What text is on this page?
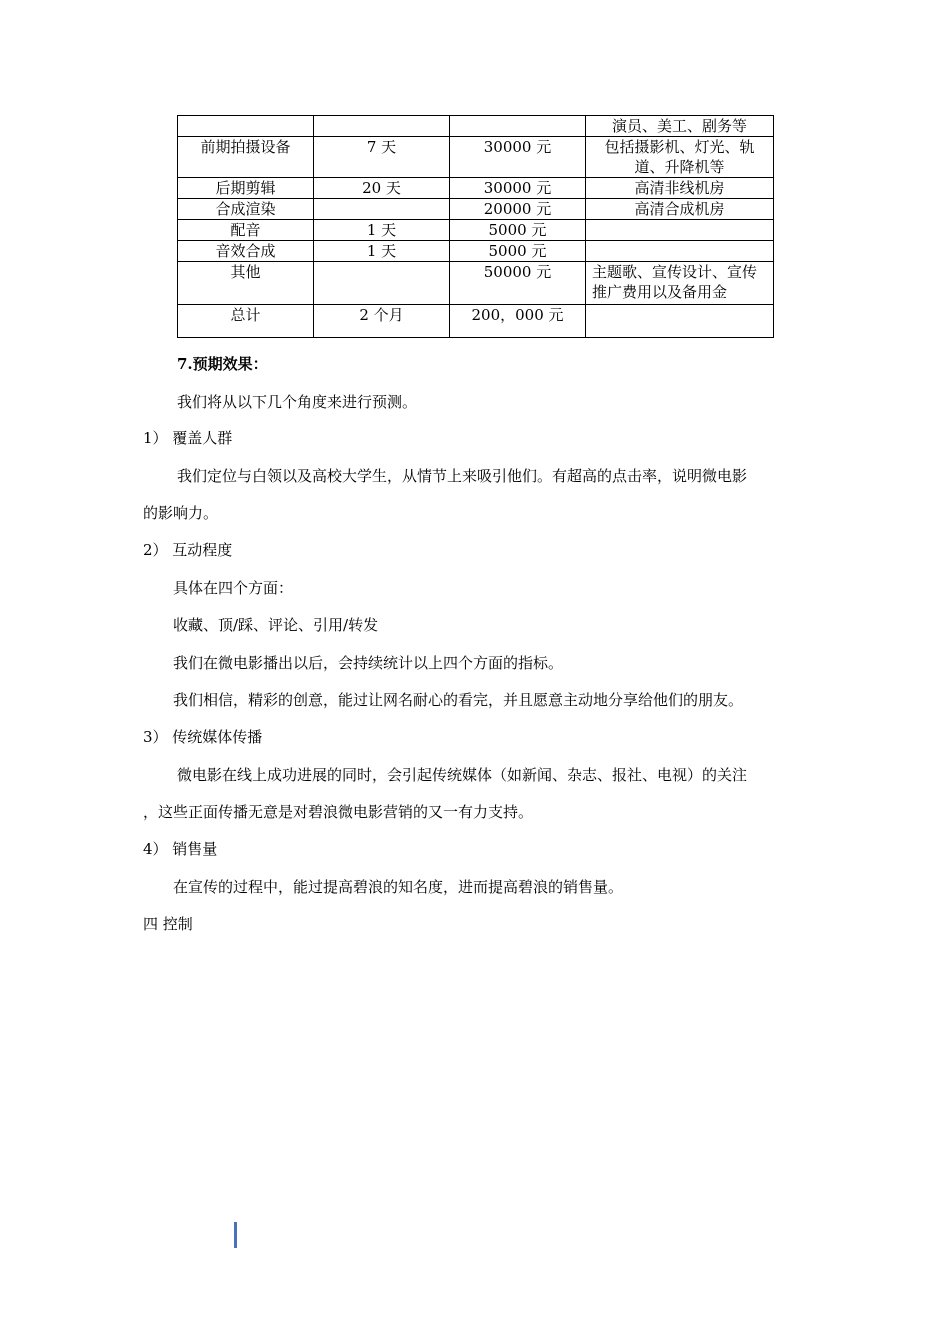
			演员、美工、剧务等
前期拍摄设备	7 天	30000 元	包括摄影机、灯光、轨道、升降机等
后期剪辑	20 天	30000 元	高清非线机房
合成渲染		20000 元	高清合成机房
配音	1 天	5000 元	
音效合成	1 天	5000 元	
其他		50000 元	主题歌、宣传设计、宣传推广费用以及备用金
总计	2 个月	200，000 元	
7.预期效果：
我们将从以下几个角度来进行预测。
1） 覆盖人群
我们定位与白领以及高校大学生，从情节上来吸引他们。有超高的点击率，说明微电影
的影响力。
2） 互动程度
具体在四个方面：
收藏、顶/踩、评论、引用/转发
我们在微电影播出以后，会持续统计以上四个方面的指标。
我们相信，精彩的创意，能过让网名耐心的看完，并且愿意主动地分享给他们的朋友。
3） 传统媒体传播
微电影在线上成功进展的同时，会引起传统媒体（如新闻、杂志、报社、电视）的关注
，这些正面传播无意是对碧浪微电影营销的又一有力支持。
4） 销售量
在宣传的过程中，能过提高碧浪的知名度，进而提高碧浪的销售量。
四 控制
